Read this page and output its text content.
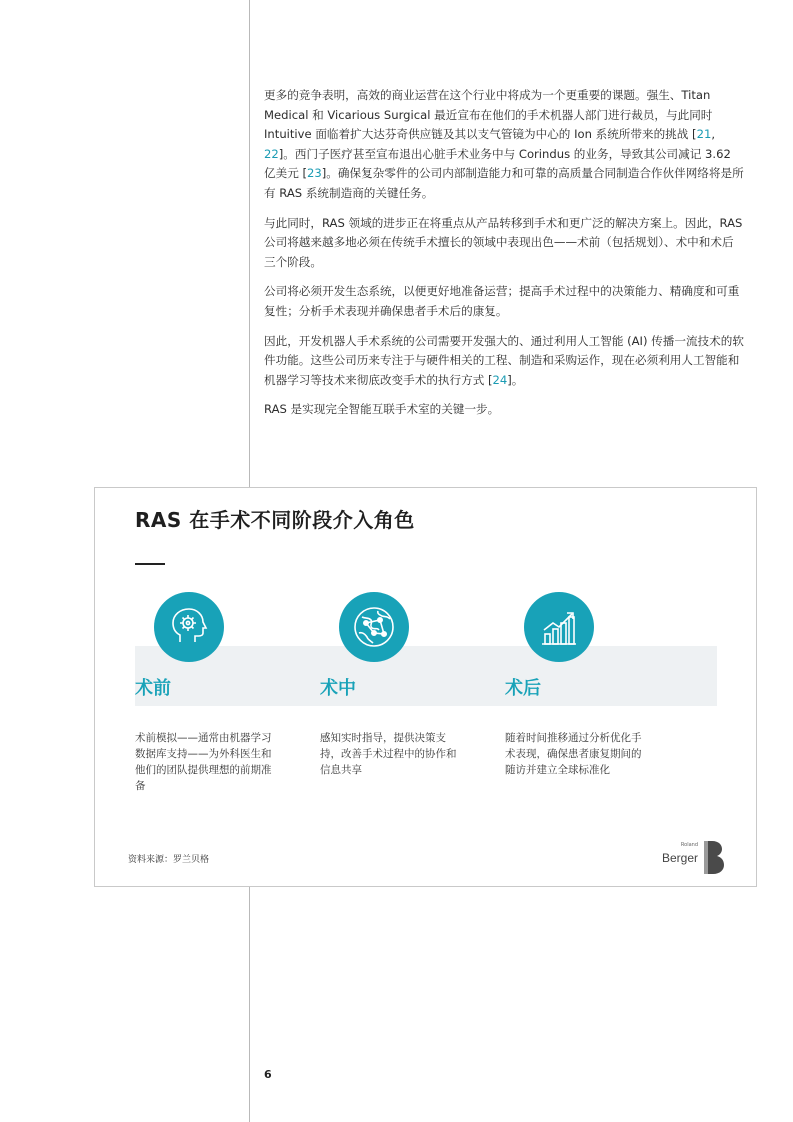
更多的竞争表明，高效的商业运营在这个行业中将成为一个更重要的课题。强生、Titan Medical 和 Vicarious Surgical 最近宣布在他们的手术机器人部门进行裁员，与此同时 Intuitive 面临着扩大达芬奇供应链及其以支气管镜为中心的 Ion 系统所带来的挑战 [21, 22]。西门子医疗甚至宣布退出心脏手术业务中与 Corindus 的业务，导致其公司减记 3.62 亿美元 [23]。确保复杂零件的公司内部制造能力和可靠的高质量合同制造合作伙伴网络将是所有 RAS 系统制造商的关键任务。

与此同时，RAS 领域的进步正在将重点从产品转移到手术和更广泛的解决方案上。因此，RAS 公司将越来越多地必须在传统手术擅长的领域中表现出色——术前（包括规划）、术中和术后三个阶段。

公司将必须开发生态系统，以便更好地准备运营；提高手术过程中的决策能力、精确度和可重复性；分析手术表现并确保患者手术后的康复。

因此，开发机器人手术系统的公司需要开发强大的、通过利用人工智能 (AI) 传播一流技术的软件功能。这些公司历来专注于与硬件相关的工程、制造和采购运作，现在必须利用人工智能和机器学习等技术来彻底改变手术的执行方式 [24]。

RAS 是实现完全智能互联手术室的关键一步。

RAS 在手术不同阶段介入角色
术前
术前模拟——通常由机器学习数据库支持——为外科医生和他们的团队提供理想的前期准备
术中
感知实时指导，提供决策支持，改善手术过程中的协作和信息共享
术后
随着时间推移通过分析优化手术表现，确保患者康复期间的随访并建立全球标准化
资料来源：罗兰贝格
Roland
Berger
6
